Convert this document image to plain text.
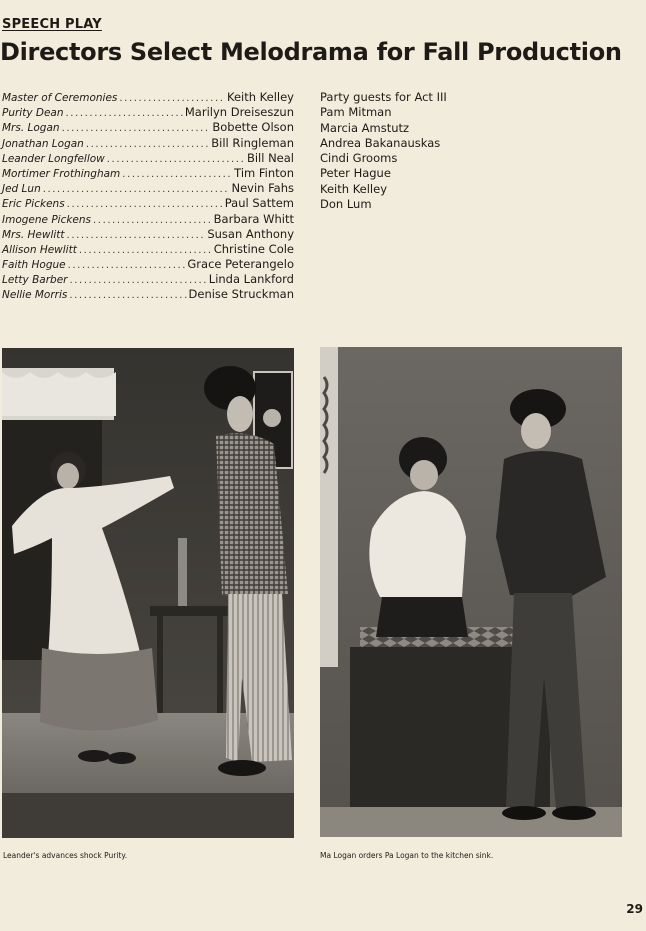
SPEECH PLAY
Directors Select Melodrama for Fall Production
Master of Ceremonies .....	Keith Kelley
Purity Dean .....	Marilyn Dreiseszun
Mrs. Logan .....	Bobette Olson
Jonathan Logan .....	Bill Ringleman
Leander Longfellow .....	Bill Neal
Mortimer Frothingham .....	Tim Finton
Jed Lun .....	Nevin Fahs
Eric Pickens .....	Paul Sattem
Imogene Pickens .....	Barbara Whitt
Mrs. Hewlitt .....	Susan Anthony
Allison Hewlitt .....	Christine Cole
Faith Hogue .....	Grace Peterangelo
Letty Barber .....	Linda Lankford
Nellie Morris .....	Denise Struckman
Party guests for Act III
Pam Mitman
Marcia Amstutz
Andrea Bakanauskas
Cindi Grooms
Peter Hague
Keith Kelley
Don Lum
Leander's advances shock Purity.	Ma Logan orders Pa Logan to the kitchen sink.
29
